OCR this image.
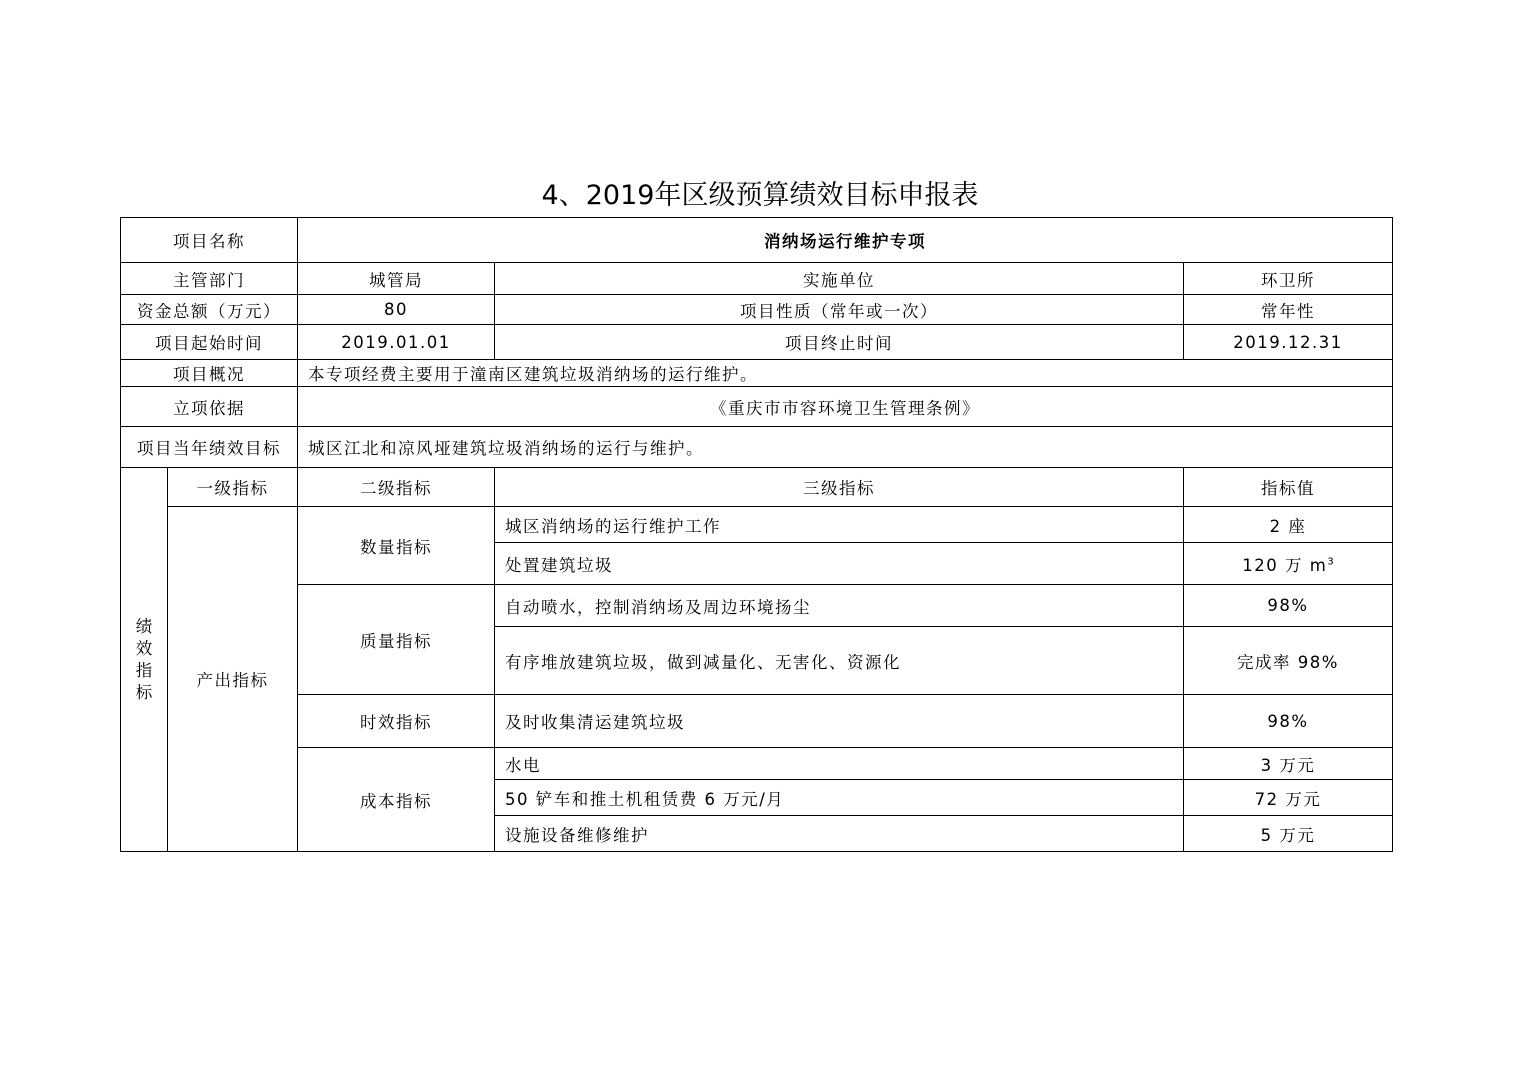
4、2019年区级预算绩效目标申报表
项目名称		消纳场运行维护专项		
主管部门		城管局	实施单位	环卫所
资金总额（万元）		80	项目性质（常年或一次）	常年性
项目起始时间		2019.01.01	项目终止时间	2019.12.31
项目概况		本专项经费主要用于潼南区建筑垃圾消纳场的运行维护。		
立项依据		《重庆市市容环境卫生管理条例》		
项目当年绩效目标		城区江北和凉风垭建筑垃圾消纳场的运行与维护。		
绩效指标	一级指标	二级指标	三级指标	指标值
	产出指标	数量指标	城区消纳场的运行维护工作	2 座
			处置建筑垃圾	120 万 $m^3$
		质量指标	自动喷水，控制消纳场及周边环境扬尘	98%
			有序堆放建筑垃圾，做到减量化、无害化、资源化	完成率 98%
		时效指标	及时收集清运建筑垃圾	98%
		成本指标	水电	3 万元
			50 铲车和推土机租赁费 6 万元/月	72 万元
			设施设备维修维护	5 万元
